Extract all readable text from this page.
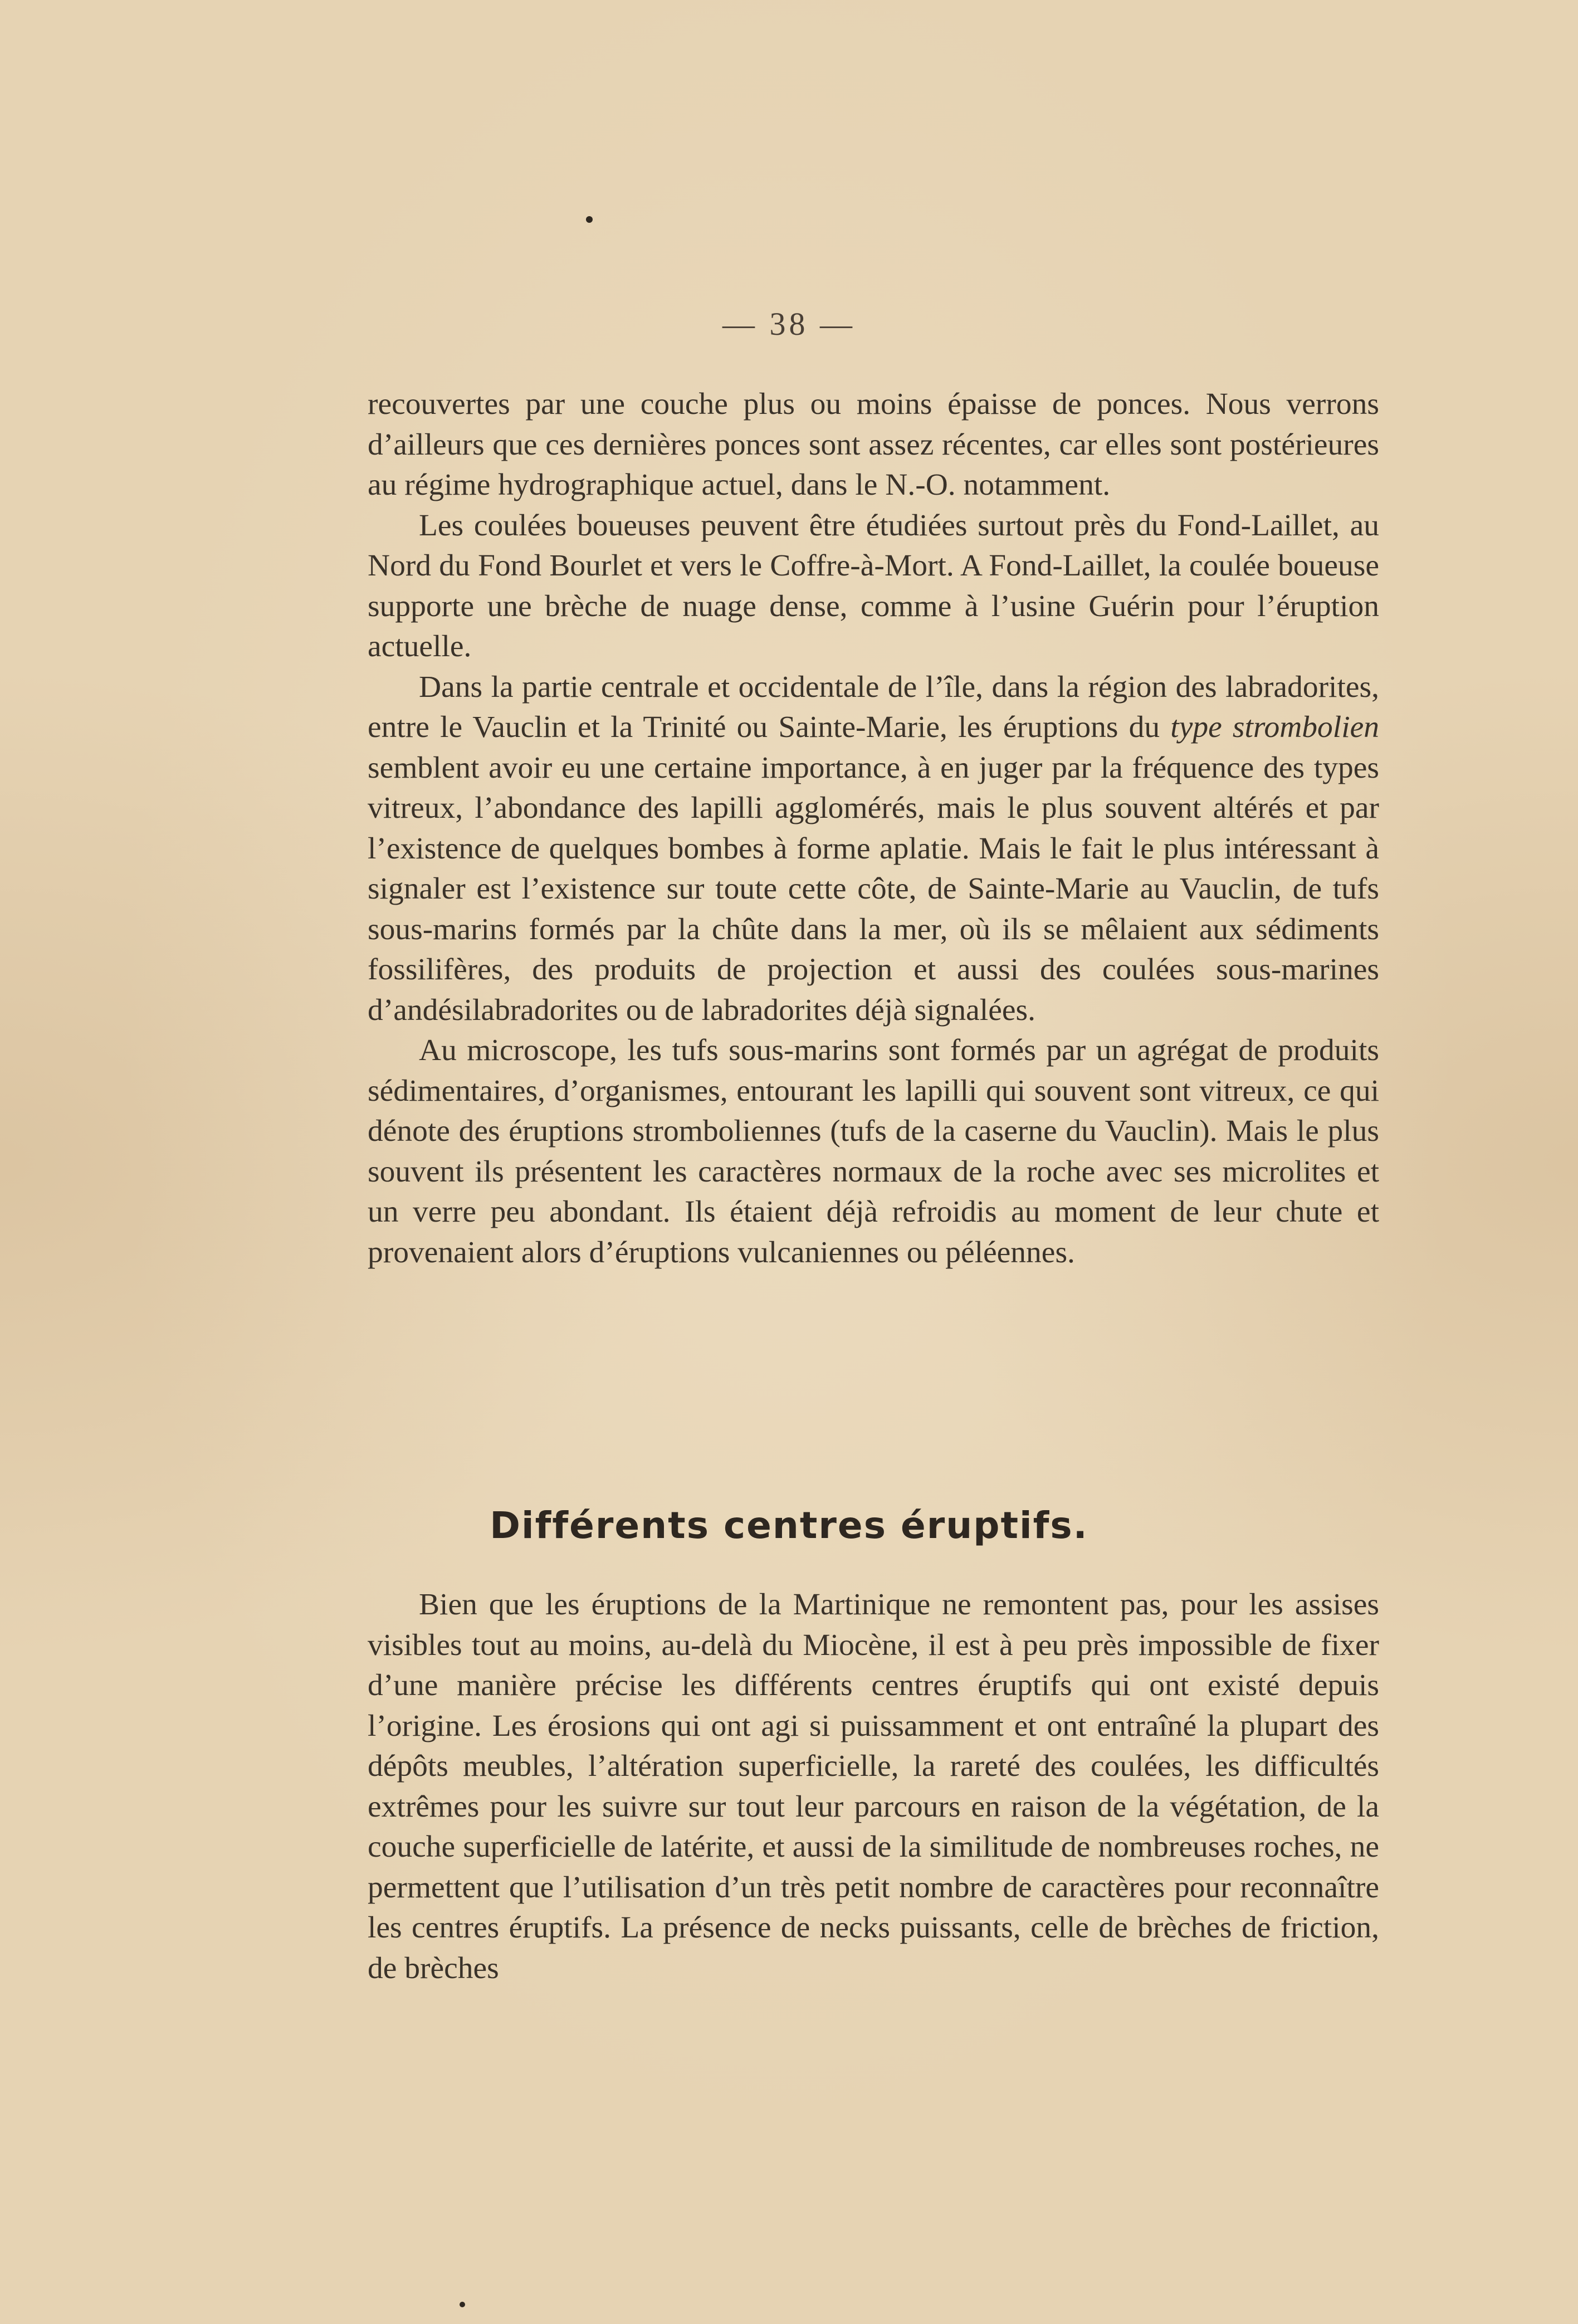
— 38 —

recouvertes par une couche plus ou moins épaisse de ponces. Nous verrons d’ailleurs que ces dernières ponces sont assez récentes, car elles sont postérieures au régime hydrographique actuel, dans le N.-O. notamment.

Les coulées boueuses peuvent être étudiées surtout près du Fond-Laillet, au Nord du Fond Bourlet et vers le Coffre-à-Mort. A Fond-Laillet, la coulée boueuse supporte une brèche de nuage dense, comme à l’usine Guérin pour l’éruption actuelle.

Dans la partie centrale et occidentale de l’île, dans la région des labradorites, entre le Vauclin et la Trinité ou Sainte-Marie, les éruptions du type strombolien semblent avoir eu une certaine importance, à en juger par la fréquence des types vitreux, l’abondance des lapilli agglomérés, mais le plus souvent altérés et par l’existence de quelques bombes à forme aplatie. Mais le fait le plus intéressant à signaler est l’existence sur toute cette côte, de Sainte-Marie au Vauclin, de tufs sous-marins formés par la chûte dans la mer, où ils se mêlaient aux sédiments fossilifères, des produits de projection et aussi des coulées sous-marines d’andésilabradorites ou de labradorites déjà signalées.

Au microscope, les tufs sous-marins sont formés par un agrégat de produits sédimentaires, d’organismes, entourant les lapilli qui souvent sont vitreux, ce qui dénote des éruptions stromboliennes (tufs de la caserne du Vauclin). Mais le plus souvent ils présentent les caractères normaux de la roche avec ses microlites et un verre peu abondant. Ils étaient déjà refroidis au moment de leur chute et provenaient alors d’éruptions vulcaniennes ou péléennes.

Différents centres éruptifs.

Bien que les éruptions de la Martinique ne remontent pas, pour les assises visibles tout au moins, au-delà du Miocène, il est à peu près impossible de fixer d’une manière précise les différents centres éruptifs qui ont existé depuis l’origine. Les érosions qui ont agi si puissamment et ont entraîné la plupart des dépôts meubles, l’altération superficielle, la rareté des coulées, les difficultés extrêmes pour les suivre sur tout leur parcours en raison de la végétation, de la couche superficielle de latérite, et aussi de la similitude de nombreuses roches, ne permettent que l’utilisation d’un très petit nombre de caractères pour reconnaître les centres éruptifs. La présence de necks puissants, celle de brèches de friction, de brèches
